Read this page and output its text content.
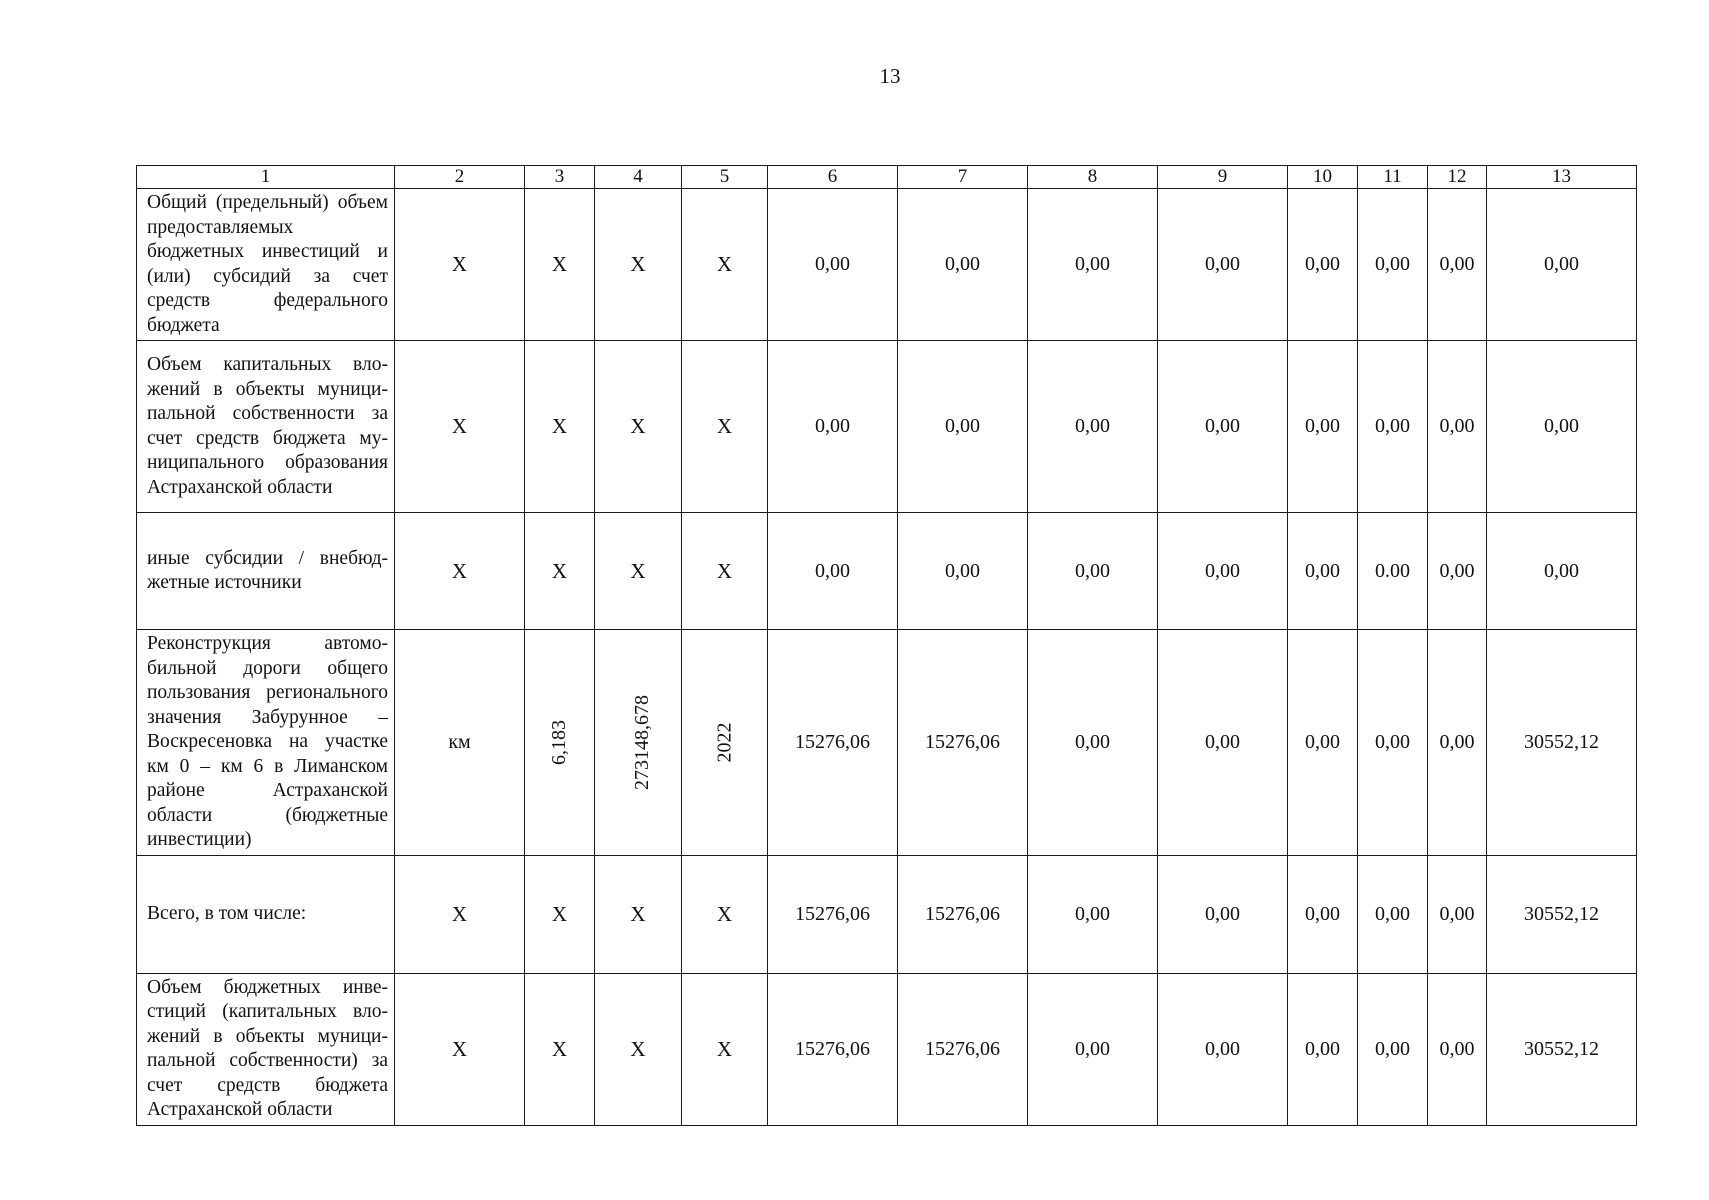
13
1	2	3	4	5	6	7	8	9	10	11	12	13
Общий (предельный) объем предоставляемых бюджетных инвестиций и (или) субсидий за счет средств федерального бюджета	Х	Х	Х	Х	0,00	0,00	0,00	0,00	0,00	0,00	0,00	0,00
Объем капитальных вложений в объекты муниципальной собственности за счет средств бюджета муниципального образования Астраханской области	Х	Х	Х	Х	0,00	0,00	0,00	0,00	0,00	0,00	0,00	0,00
иные субсидии / внебюджетные источники	Х	Х	Х	Х	0,00	0,00	0,00	0,00	0,00	0.00	0,00	0,00
Реконструкция автомобильной дороги общего пользования регионального значения Забурунное – Воскресеновка на участке км 0 – км 6 в Лиманском районе Астраханской области (бюджетные инвестиции)	км	6,183	273148,678	2022	15276,06	15276,06	0,00	0,00	0,00	0,00	0,00	30552,12
Всего, в том числе:	Х	Х	Х	Х	15276,06	15276,06	0,00	0,00	0,00	0,00	0,00	30552,12
Объем бюджетных инвестиций (капитальных вложений в объекты муниципальной собственности) за счет средств бюджета Астраханской области	Х	Х	Х	Х	15276,06	15276,06	0,00	0,00	0,00	0,00	0,00	30552,12
